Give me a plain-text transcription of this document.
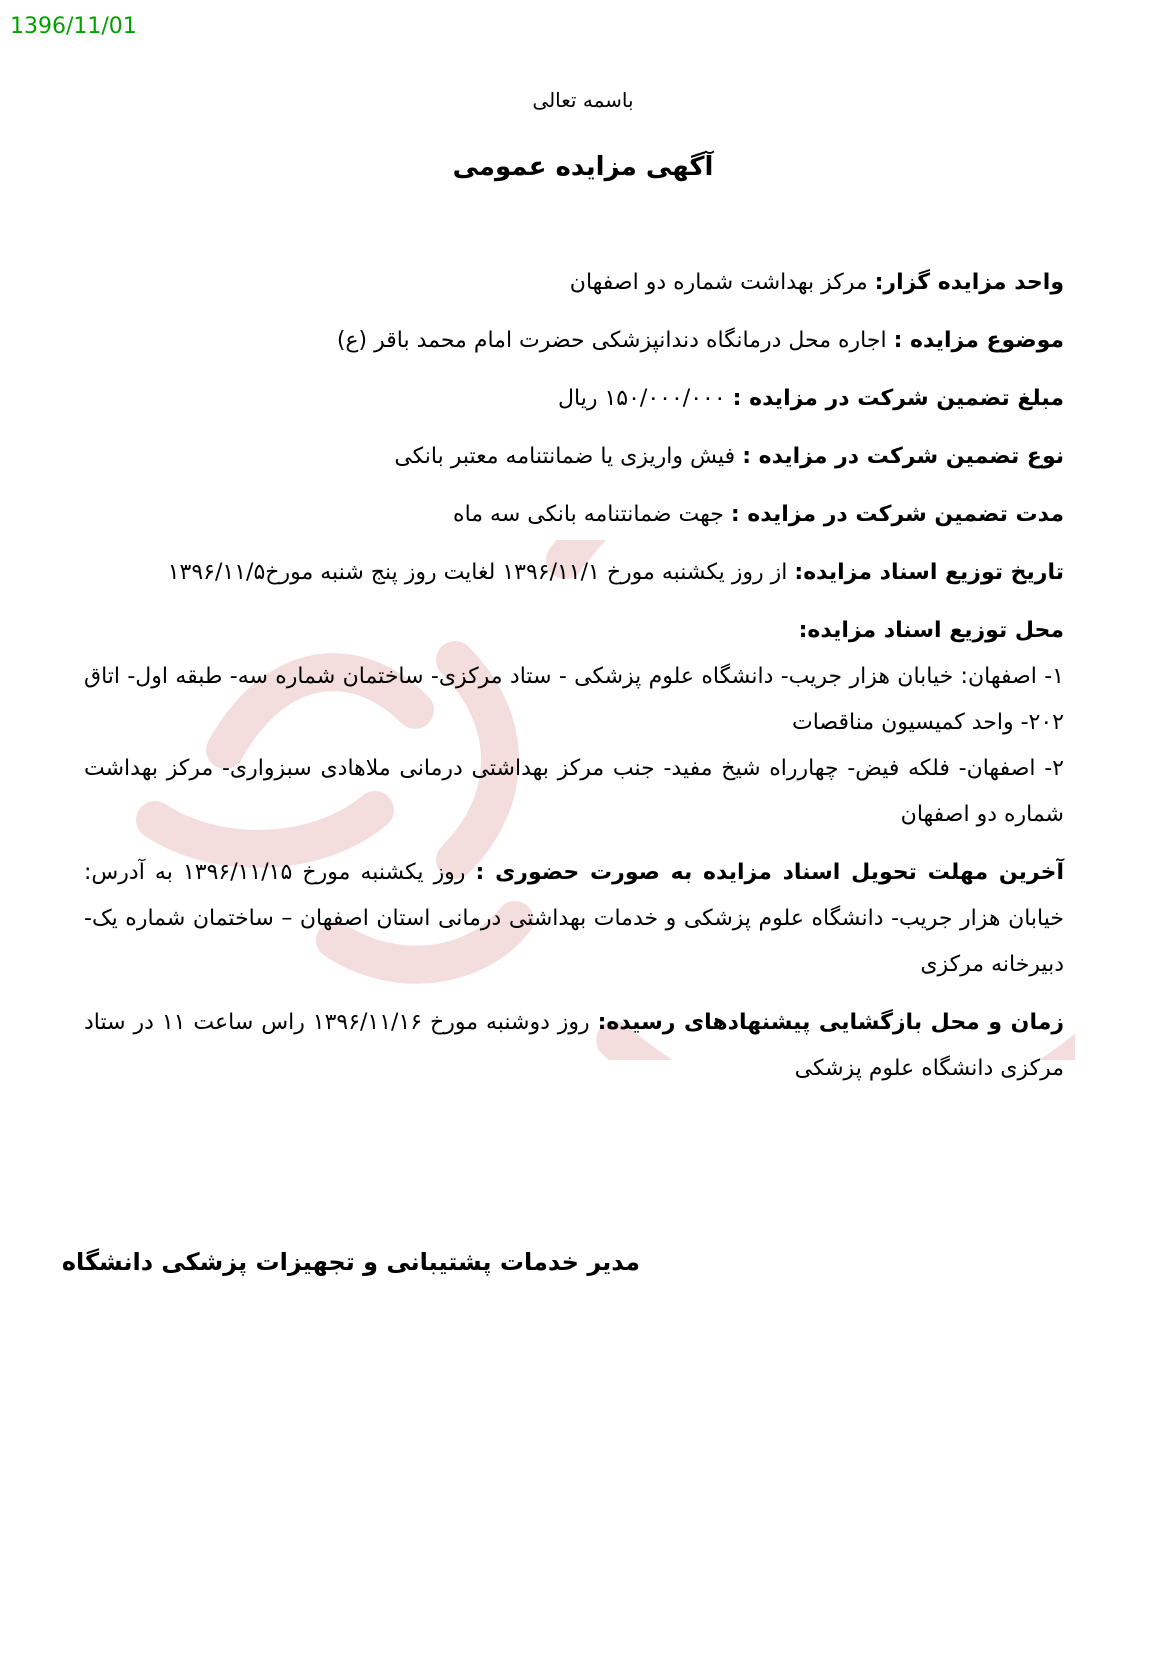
1396/11/01
باسمه تعالی
آگهی مزایده عمومی

واحد مزایده گزار: مرکز بهداشت شماره دو اصفهان

موضوع مزایده : اجاره محل درمانگاه دندانپزشکی حضرت امام محمد باقر (ع)

مبلغ تضمین شرکت در مزایده : ۱۵۰/۰۰۰/۰۰۰ ریال

نوع تضمین شرکت در مزایده : فیش واریزی یا ضمانتنامه معتبر بانکی

مدت تضمین شرکت در مزایده : جهت ضمانتنامه بانکی سه ماه

تاریخ توزیع اسناد مزایده: از روز یکشنبه مورخ ۱۳۹۶/۱۱/۱ لغایت روز پنج شنبه مورخ۱۳۹۶/۱۱/۵

محل توزیع اسناد مزایده:

۱- اصفهان: خیابان هزار جریب- دانشگاه علوم پزشکی - ستاد مرکزی- ساختمان شماره سه- طبقه اول- اتاق ۲۰۲- واحد کمیسیون مناقصات

۲- اصفهان- فلکه فیض- چهارراه شیخ مفید- جنب مرکز بهداشتی درمانی ملاهادی سبزواری- مرکز بهداشت شماره دو اصفهان

آخرین مهلت تحویل اسناد مزایده به صورت حضوری : روز یکشنبه مورخ ۱۳۹۶/۱۱/۱۵ به آدرس: خیابان هزار جریب- دانشگاه علوم پزشکی و خدمات بهداشتی درمانی استان اصفهان – ساختمان شماره یک- دبیرخانه مرکزی

زمان و محل بازگشایی پیشنهادهای رسیده: روز دوشنبه مورخ ۱۳۹۶/۱۱/۱۶ راس ساعت ۱۱ در ستاد مرکزی دانشگاه علوم پزشکی

مدیر خدمات پشتیبانی و تجهیزات پزشکی دانشگاه
